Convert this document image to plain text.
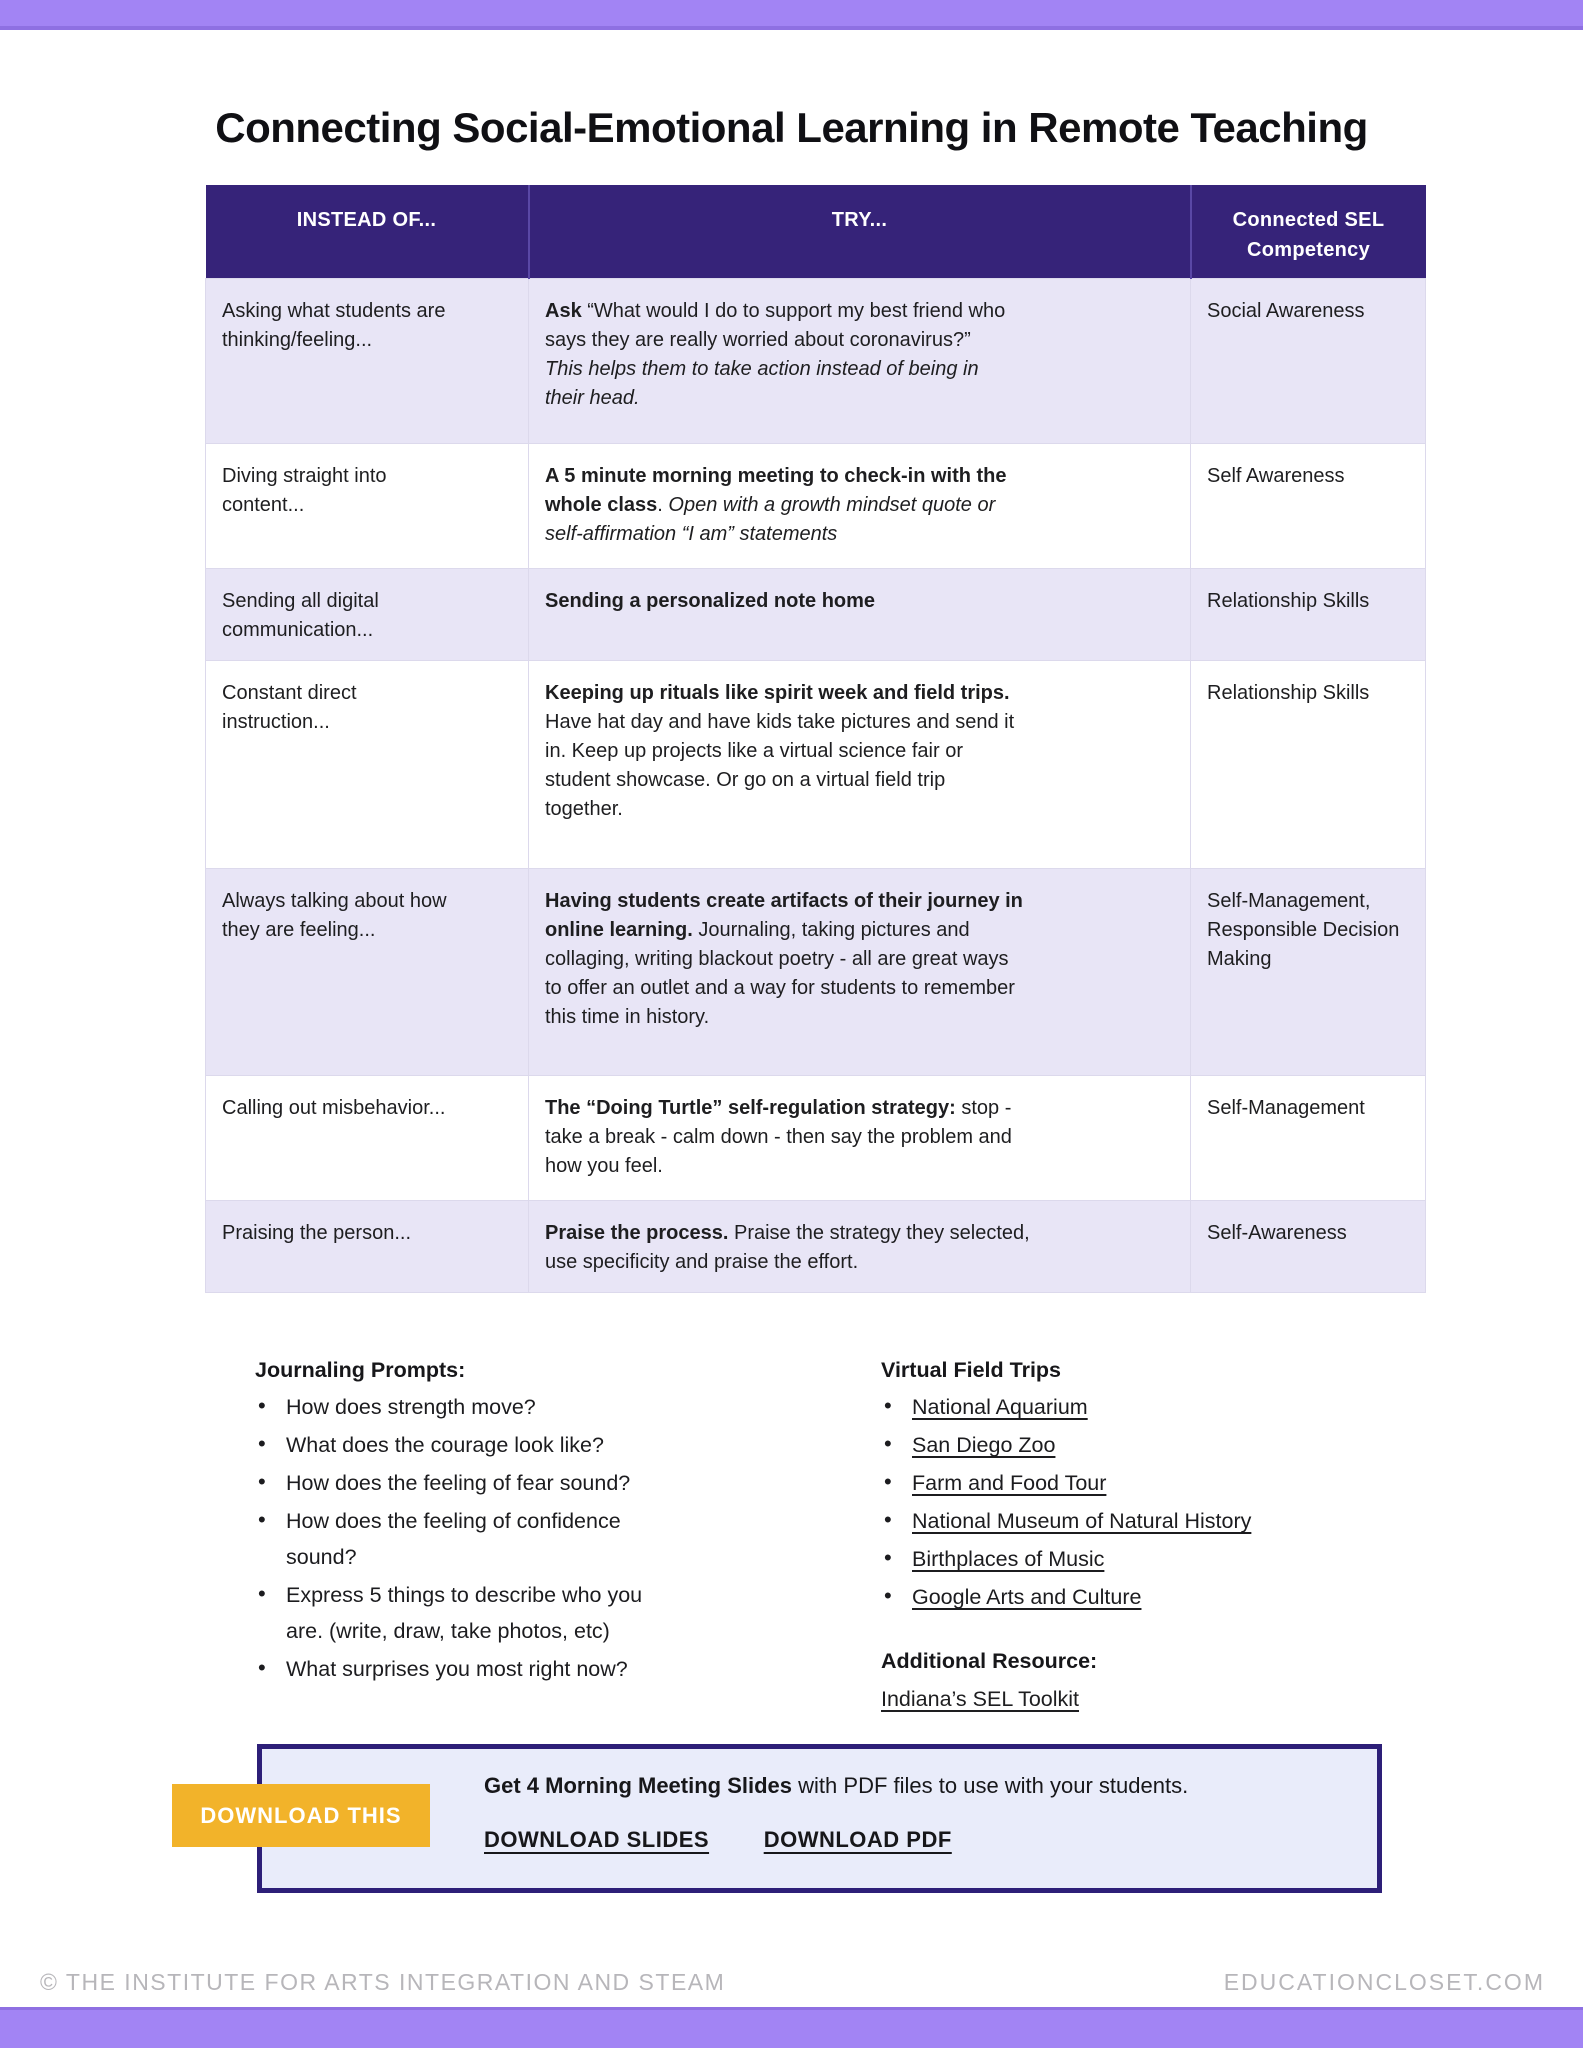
Connecting Social-Emotional Learning in Remote Teaching
INSTEAD OF...	TRY...	Connected SEL Competency
Asking what students are thinking/feeling...	Ask “What would I do to support my best friend who
says they are really worried about coronavirus?”
This helps them to take action instead of being in
their head.	Social Awareness
Diving straight into content...	A 5 minute morning meeting to check-in with the
whole class. Open with a growth mindset quote or
self-affirmation “I am” statements	Self Awareness
Sending all digital communication...	Sending a personalized note home	Relationship Skills
Constant direct instruction...	Keeping up rituals like spirit week and field trips.
Have hat day and have kids take pictures and send it
in. Keep up projects like a virtual science fair or
student showcase. Or go on a virtual field trip
together.	Relationship Skills
Always talking about how they are feeling...	Having students create artifacts of their journey in
online learning. Journaling, taking pictures and
collaging, writing blackout poetry - all are great ways
to offer an outlet and a way for students to remember
this time in history.	Self-Management, Responsible Decision Making
Calling out misbehavior...	The “Doing Turtle” self-regulation strategy: stop -
take a break - calm down - then say the problem and
how you feel.	Self-Management
Praising the person...	Praise the process. Praise the strategy they selected,
use specificity and praise the effort.	Self-Awareness
Journaling Prompts:
• How does strength move?
• What does the courage look like?
• How does the feeling of fear sound?
• How does the feeling of confidence sound?
• Express 5 things to describe who you are. (write, draw, take photos, etc)
• What surprises you most right now?
Virtual Field Trips
• National Aquarium
• San Diego Zoo
• Farm and Food Tour
• National Museum of Natural History
• Birthplaces of Music
• Google Arts and Culture
Additional Resource:
Indiana’s SEL Toolkit
Get 4 Morning Meeting Slides with PDF files to use with your students.
DOWNLOAD SLIDES DOWNLOAD PDF
DOWNLOAD THIS
© THE INSTITUTE FOR ARTS INTEGRATION AND STEAM	EDUCATIONCLOSET.COM
